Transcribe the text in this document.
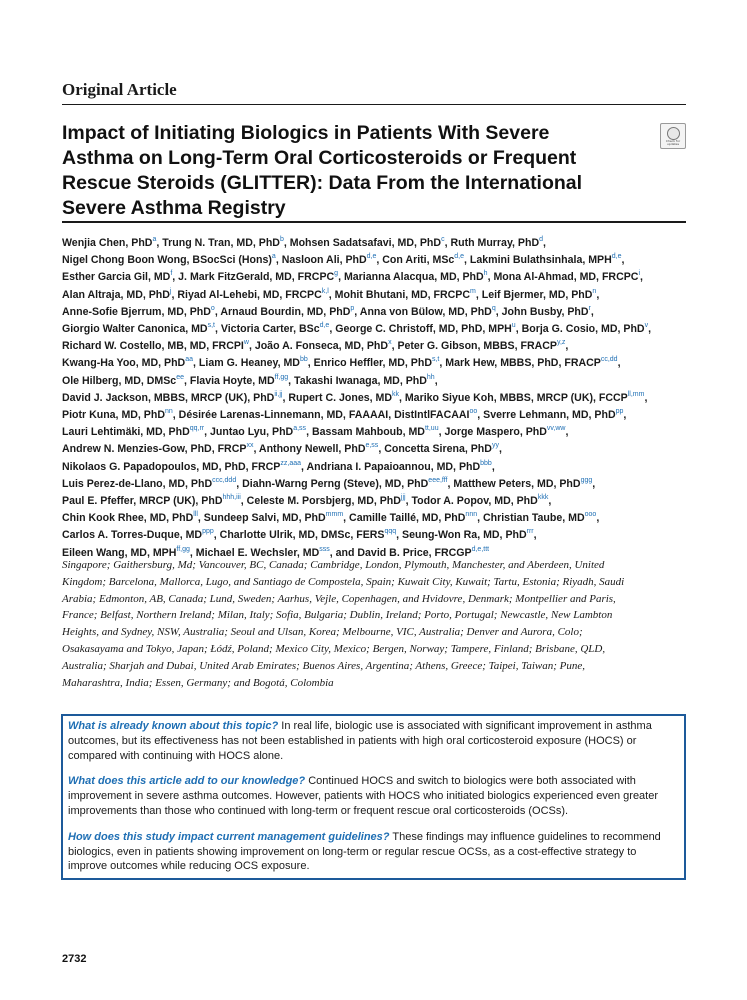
Original Article
Impact of Initiating Biologics in Patients With Severe Asthma on Long-Term Oral Corticosteroids or Frequent Rescue Steroids (GLITTER): Data From the International Severe Asthma Registry
Check for
updates
Wenjia Chen, PhD$^a$, Trung N. Tran, MD, PhD$^b$, Mohsen Sadatsafavi, MD, PhD$^c$, Ruth Murray, PhD$^d$,
Nigel Chong Boon Wong, BSocSci (Hons)$^a$, Nasloon Ali, PhD$^{d,e}$, Con Ariti, MSc$^{d,e}$, Lakmini Bulathsinhala, MPH$^{d,e}$,
Esther Garcia Gil, $MD^f$, J. Mark FitzGerald, MD, FRCPC$^g$, Marianna Alacqua, MD, PhD$^h$, Mona Al-Ahmad, MD, FRCPC$^i$,
Alan Altraja, MD, PhD$^j$, Riyad Al-Lehebi, MD, FRCPC$^{k,l}$, Mohit Bhutani, MD, FRCPC$^m$, Leif Bjermer, MD, PhD$^n$,
Anne-Sofie Bjerrum, MD, PhD$^o$, Arnaud Bourdin, MD, PhD$^p$, Anna von Bülow, MD, PhD$^q$, John Busby, PhD$^r$,
Giorgio Walter Canonica, MD$^{s,t}$, Victoria Carter, BSc$^{d,e}$, George C. Christoff, MD, PhD, MPH$^u$, Borja G. Cosio, MD, PhD$^v$,
Richard W. Costello, MB, MD, FRCPI$^w$, João A. Fonseca, MD, PhD$^x$, Peter G. Gibson, MBBS, FRACP$^{y,z}$,
Kwang-Ha Yoo, MD, PhD$^{aa}$, Liam G. Heaney, $MD^{bb}$, Enrico Heffler, MD, PhD$^{s,t}$, Mark Hew, MBBS, PhD, $FRACP^{cc,dd}$,
Ole Hilberg, MD, DMSc$^{ee}$, Flavia Hoyte, $MD^{ff,gg}$, Takashi Iwanaga, MD, PhD$^{hh}$,
David J. Jackson, MBBS, MRCP (UK), PhD$^{ii,jj}$, Rupert C. Jones, $MD^{kk}$, Mariko Siyue Koh, MBBS, MRCP (UK), $FCCP^{ll,mm}$,
Piotr Kuna, MD, PhD$^{nn}$, Désirée Larenas-Linnemann, MD, FAAAAI, DistIntlFACAAI$^{oo}$, Sverre Lehmann, MD, PhD$^{pp}$,
Lauri Lehtimäki, MD, PhD$^{qq,rr}$, Juntao Lyu, PhD$^{a,ss}$, Bassam Mahboub, $MD^{tt,uu}$, Jorge Maspero, PhD$^{vv,ww}$,
Andrew N. Menzies-Gow, PhD, FRCP$^{xx}$, Anthony Newell, PhD$^{e,ss}$, Concetta Sirena, PhD$^{yy}$,
Nikolaos G. Papadopoulos, MD, PhD, $FRCP^{zz,aaa}$, Andriana I. Papaioannou, MD, PhD$^{bbb}$,
Luis Perez-de-Llano, MD, PhD$^{ccc,ddd}$, Diahn-Warng Perng (Steve), MD, PhD$^{eee,fff}$, Matthew Peters, MD, PhD$^{ggg}$,
Paul E. Pfeffer, MRCP (UK), PhD$^{hhh,iii}$, Celeste M. Porsbjerg, MD, PhD$^{jjj}$, Todor A. Popov, MD, PhD$^{kkk}$,
Chin Kook Rhee, MD, PhD$^{lll}$, Sundeep Salvi, MD, PhD$^{mmm}$, Camille Taillé, MD, PhD$^{nnn}$, Christian Taube, $MD^{ooo}$,
Carlos A. Torres-Duque, $MD^{ppp}$, Charlotte Ulrik, MD, DMSc, $FERS^{qqq}$, Seung-Won Ra, MD, PhD$^{rrr}$,
Eileen Wang, MD, $MPH^{ff,gg}$, Michael E. Wechsler, $MD^{sss}$, and David B. Price, $FRCGP^{d,e,ttt}$
Singapore; Gaithersburg, Md; Vancouver, BC, Canada; Cambridge, London, Plymouth, Manchester, and Aberdeen, United
Kingdom; Barcelona, Mallorca, Lugo, and Santiago de Compostela, Spain; Kuwait City, Kuwait; Tartu, Estonia; Riyadh, Saudi
Arabia; Edmonton, AB, Canada; Lund, Sweden; Aarhus, Vejle, Copenhagen, and Hvidovre, Denmark; Montpellier and Paris,
France; Belfast, Northern Ireland; Milan, Italy; Sofia, Bulgaria; Dublin, Ireland; Porto, Portugal; Newcastle, New Lambton
Heights, and Sydney, NSW, Australia; Seoul and Ulsan, Korea; Melbourne, VIC, Australia; Denver and Aurora, Colo;
Osakasayama and Tokyo, Japan; Łódź, Poland; Mexico City, Mexico; Bergen, Norway; Tampere, Finland; Brisbane, QLD,
Australia; Sharjah and Dubai, United Arab Emirates; Buenos Aires, Argentina; Athens, Greece; Taipei, Taiwan; Pune,
Maharashtra, India; Essen, Germany; and Bogotá, Colombia

What is already known about this topic? In real life, biologic use is associated with significant improvement in asthma outcomes, but its effectiveness has not been established in patients with high oral corticosteroid exposure (HOCS) or compared with continuing with HOCS alone.

What does this article add to our knowledge? Continued HOCS and switch to biologics were both associated with improvement in severe asthma outcomes. However, patients with HOCS who initiated biologics experienced even greater improvements than those who continued with long-term or frequent rescue oral corticosteroids (OCSs).

How does this study impact current management guidelines? These findings may influence guidelines to recommend biologics, even in patients showing improvement on long-term or regular rescue OCSs, as a cost-effective strategy to improve outcomes while reducing OCS exposure.

2732
